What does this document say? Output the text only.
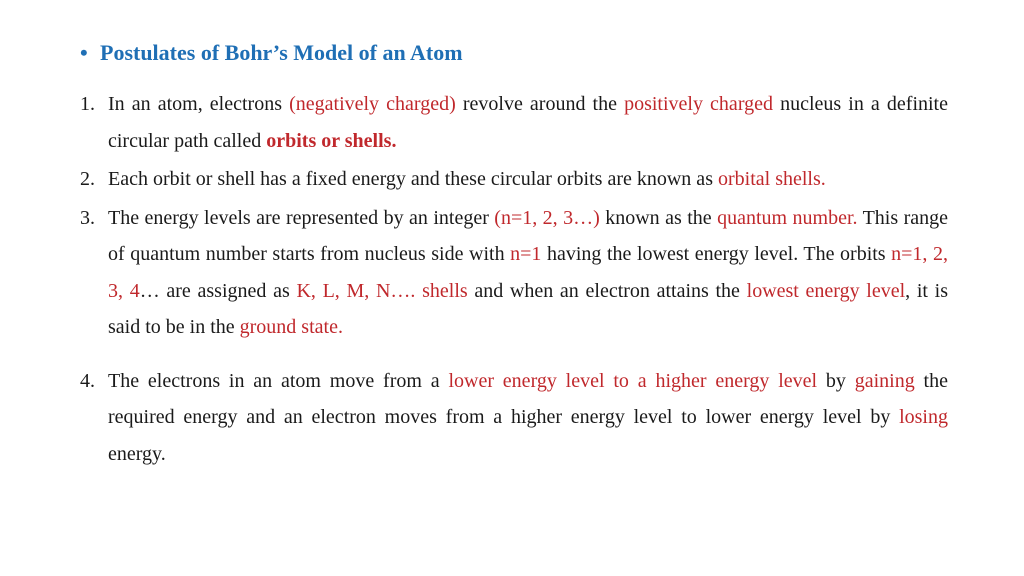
• Postulates of Bohr’s Model of an Atom
1. In an atom, electrons (negatively charged) revolve around the positively charged nucleus in a definite circular path called orbits or shells.
2. Each orbit or shell has a fixed energy and these circular orbits are known as orbital shells.
3. The energy levels are represented by an integer (n=1, 2, 3…) known as the quantum number. This range of quantum number starts from nucleus side with n=1 having the lowest energy level. The orbits n=1, 2, 3, 4… are assigned as K, L, M, N…. shells and when an electron attains the lowest energy level, it is said to be in the ground state.
4. The electrons in an atom move from a lower energy level to a higher energy level by gaining the required energy and an electron moves from a higher energy level to lower energy level by losing energy.
